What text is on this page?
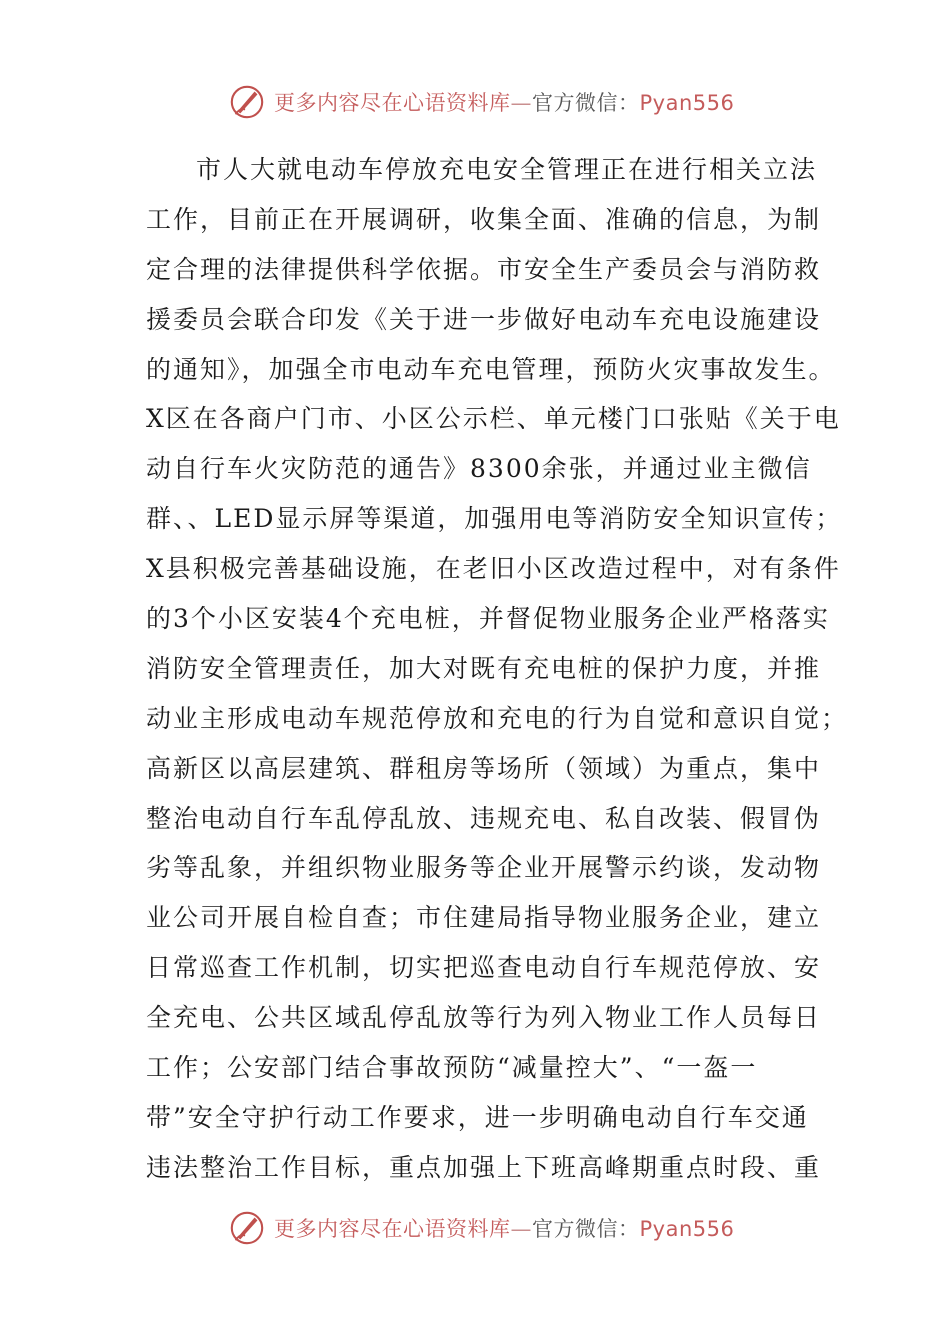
更多内容尽在心语资料库—官方微信：Pyan556
市人大就电动车停放充电安全管理正在进行相关立法
工作，目前正在开展调研，收集全面、准确的信息，为制
定合理的法律提供科学依据。市安全生产委员会与消防救
援委员会联合印发《关于进一步做好电动车充电设施建设
的通知》，加强全市电动车充电管理，预防火灾事故发生。
X区在各商户门市、小区公示栏、单元楼门口张贴《关于电
动自行车火灾防范的通告》8300余张，并通过业主微信
群、、LED显示屏等渠道，加强用电等消防安全知识宣传；
X县积极完善基础设施，在老旧小区改造过程中，对有条件
的3个小区安装4个充电桩，并督促物业服务企业严格落实
消防安全管理责任，加大对既有充电桩的保护力度，并推
动业主形成电动车规范停放和充电的行为自觉和意识自觉；
高新区以高层建筑、群租房等场所（领域）为重点，集中
整治电动自行车乱停乱放、违规充电、私自改装、假冒伪
劣等乱象，并组织物业服务等企业开展警示约谈，发动物
业公司开展自检自查；市住建局指导物业服务企业，建立
日常巡查工作机制，切实把巡查电动自行车规范停放、安
全充电、公共区域乱停乱放等行为列入物业工作人员每日
工作；公安部门结合事故预防“减量控大”、“一盔一
带”安全守护行动工作要求，进一步明确电动自行车交通
违法整治工作目标，重点加强上下班高峰期重点时段、重
更多内容尽在心语资料库—官方微信：Pyan556
